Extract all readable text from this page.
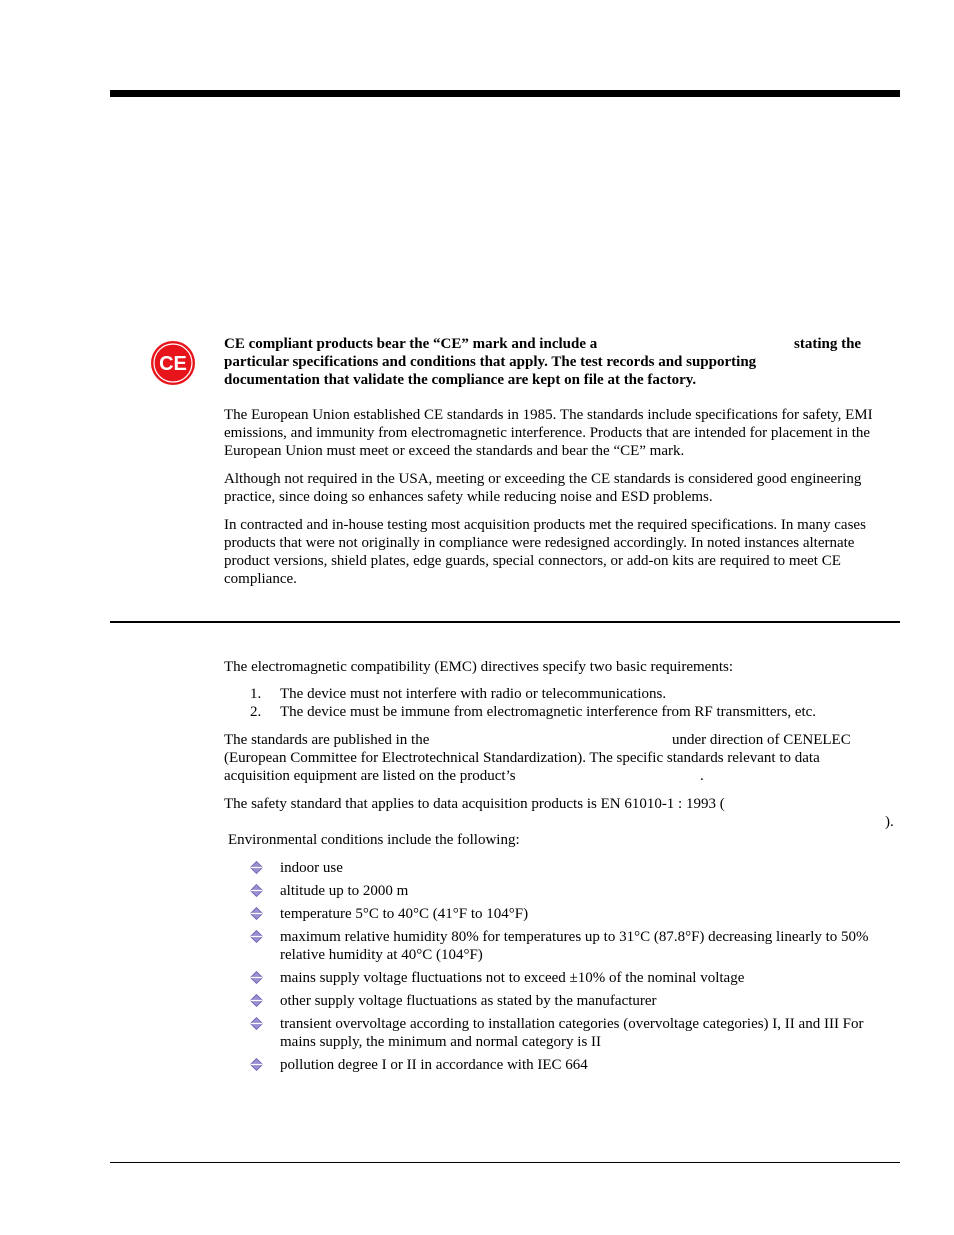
CE
CE compliant products bear the “CE” mark and include a	stating the
particular specifications and conditions that apply. The test records and supporting
documentation that validate the compliance are kept on file at the factory.

The European Union established CE standards in 1985. The standards include specifications for safety, EMI emissions, and immunity from electromagnetic interference. Products that are intended for placement in the European Union must meet or exceed the standards and bear the “CE” mark.

Although not required in the USA, meeting or exceeding the CE standards is considered good engineering practice, since doing so enhances safety while reducing noise and ESD problems.

In contracted and in-house testing most acquisition products met the required specifications. In many cases products that were not originally in compliance were redesigned accordingly. In noted instances alternate product versions, shield plates, edge guards, special connectors, or add-on kits are required to meet CE compliance.

The electromagnetic compatibility (EMC) directives specify two basic requirements:

1. The device must not interfere with radio or telecommunications.
2. The device must be immune from electromagnetic interference from RF transmitters, etc.
The standards are published in the	under direction of CENELEC
(European Committee for Electrotechnical Standardization). The specific standards relevant to data
acquisition equipment are listed on the product’s	.
The safety standard that applies to data acquisition products is EN 61010-1 : 1993 (
).

Environmental conditions include the following:

indoor use
altitude up to 2000 m
temperature 5°C to 40°C (41°F to 104°F)
maximum relative humidity 80% for temperatures up to 31°C (87.8°F) decreasing linearly to 50% relative humidity at 40°C (104°F)
mains supply voltage fluctuations not to exceed ±10% of the nominal voltage
other supply voltage fluctuations as stated by the manufacturer
transient overvoltage according to installation categories (overvoltage categories) I, II and III For mains supply, the minimum and normal category is II
pollution degree I or II in accordance with IEC 664
